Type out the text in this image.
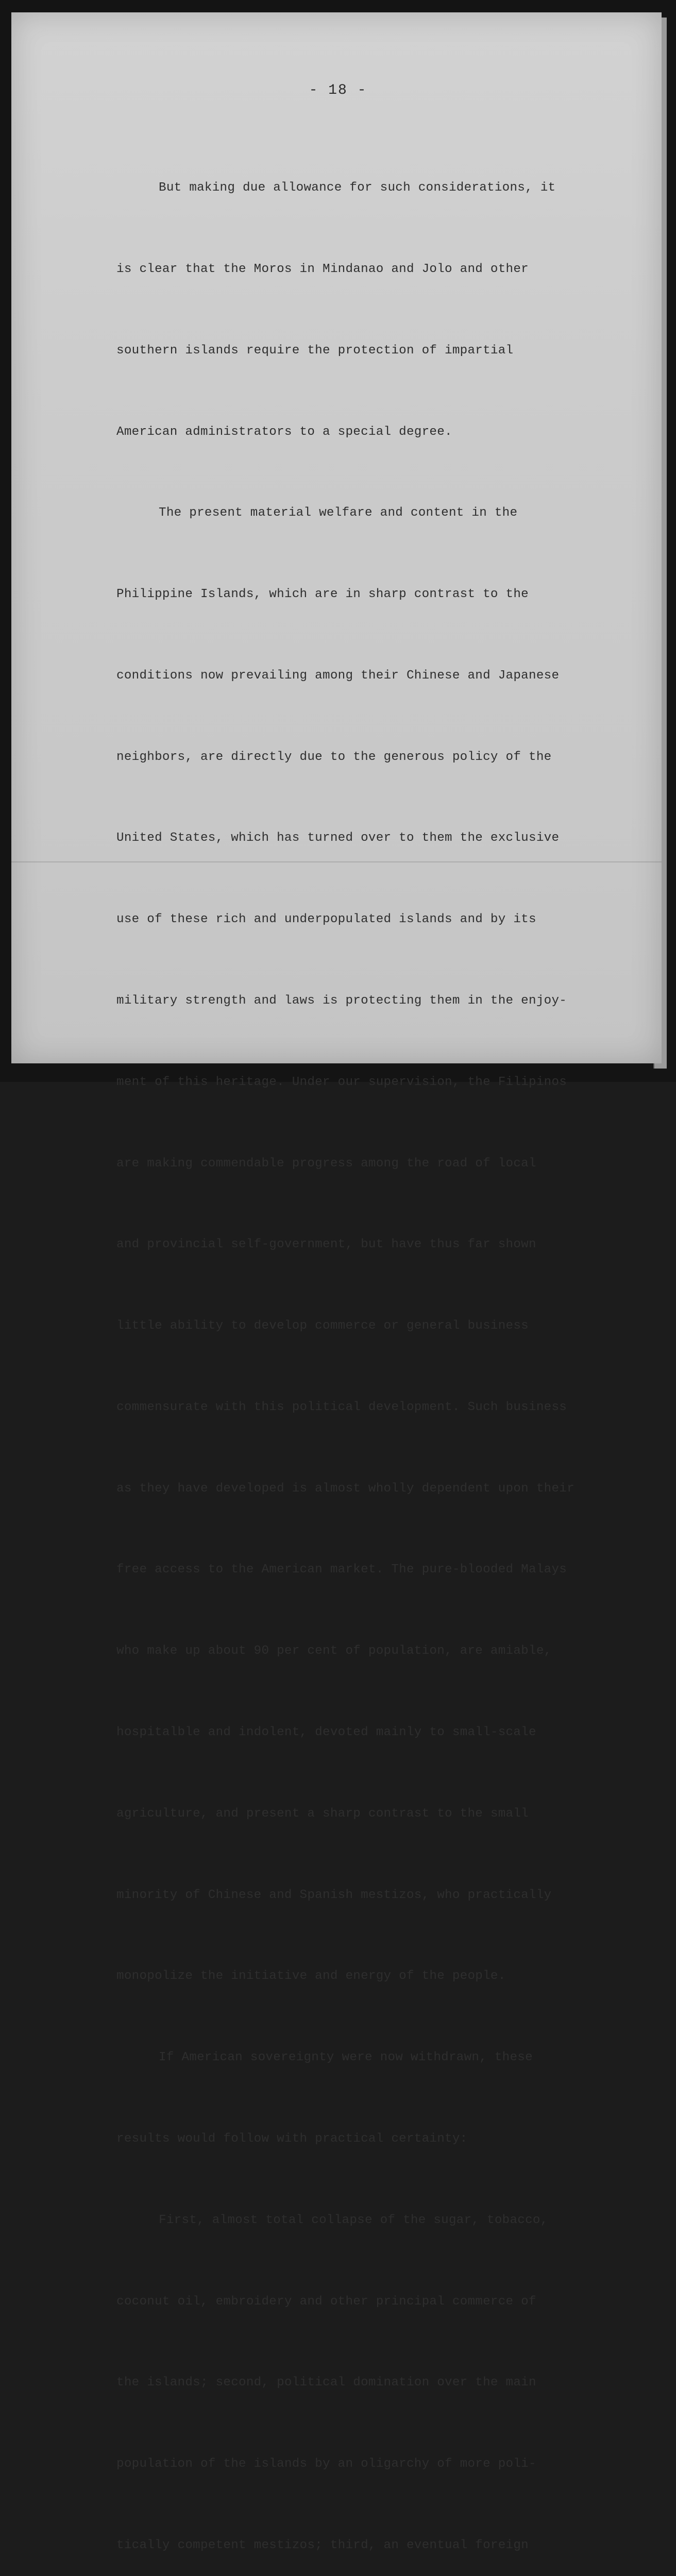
- 18 -

But making due allowance for such considerations, it

is clear that the Moros in Mindanao and Jolo and other

southern islands require the protection of impartial

American administrators to a special degree.

The present material welfare and content in the

Philippine Islands, which are in sharp contrast to the

conditions now prevailing among their Chinese and Japanese

neighbors, are directly due to the generous policy of the

United States, which has turned over to them the exclusive

use of these rich and underpopulated islands and by its

military strength and laws is protecting them in the enjoy-

ment of this heritage. Under our supervision, the Filipinos

are making commendable progress among the road of local

and provincial self-government, but have thus far shown

little ability to develop commerce or general business

commensurate with this political development. Such business

as they have developed is almost wholly dependent upon their

free access to the American market. The pure-blooded Malays

who make up about 90 per cent of population, are amiable,

hospitalble and indolent, devoted mainly to small-scale

agriculture, and present a sharp contrast to the small

minority of Chinese and Spanish mestizos, who practically

monopolize the initiative and energy of the people.

If American sovereignty were now withdrawn, these

results would follow with practical certainty:

First, almost total collapse of the sugar, tobacco,

coconut oil, embroidery and other principal commerce of

the islands; second, political domination over the main

population of the islands by an oligarchy of more poli-

tically competent mestizos; third, an eventual foreign
